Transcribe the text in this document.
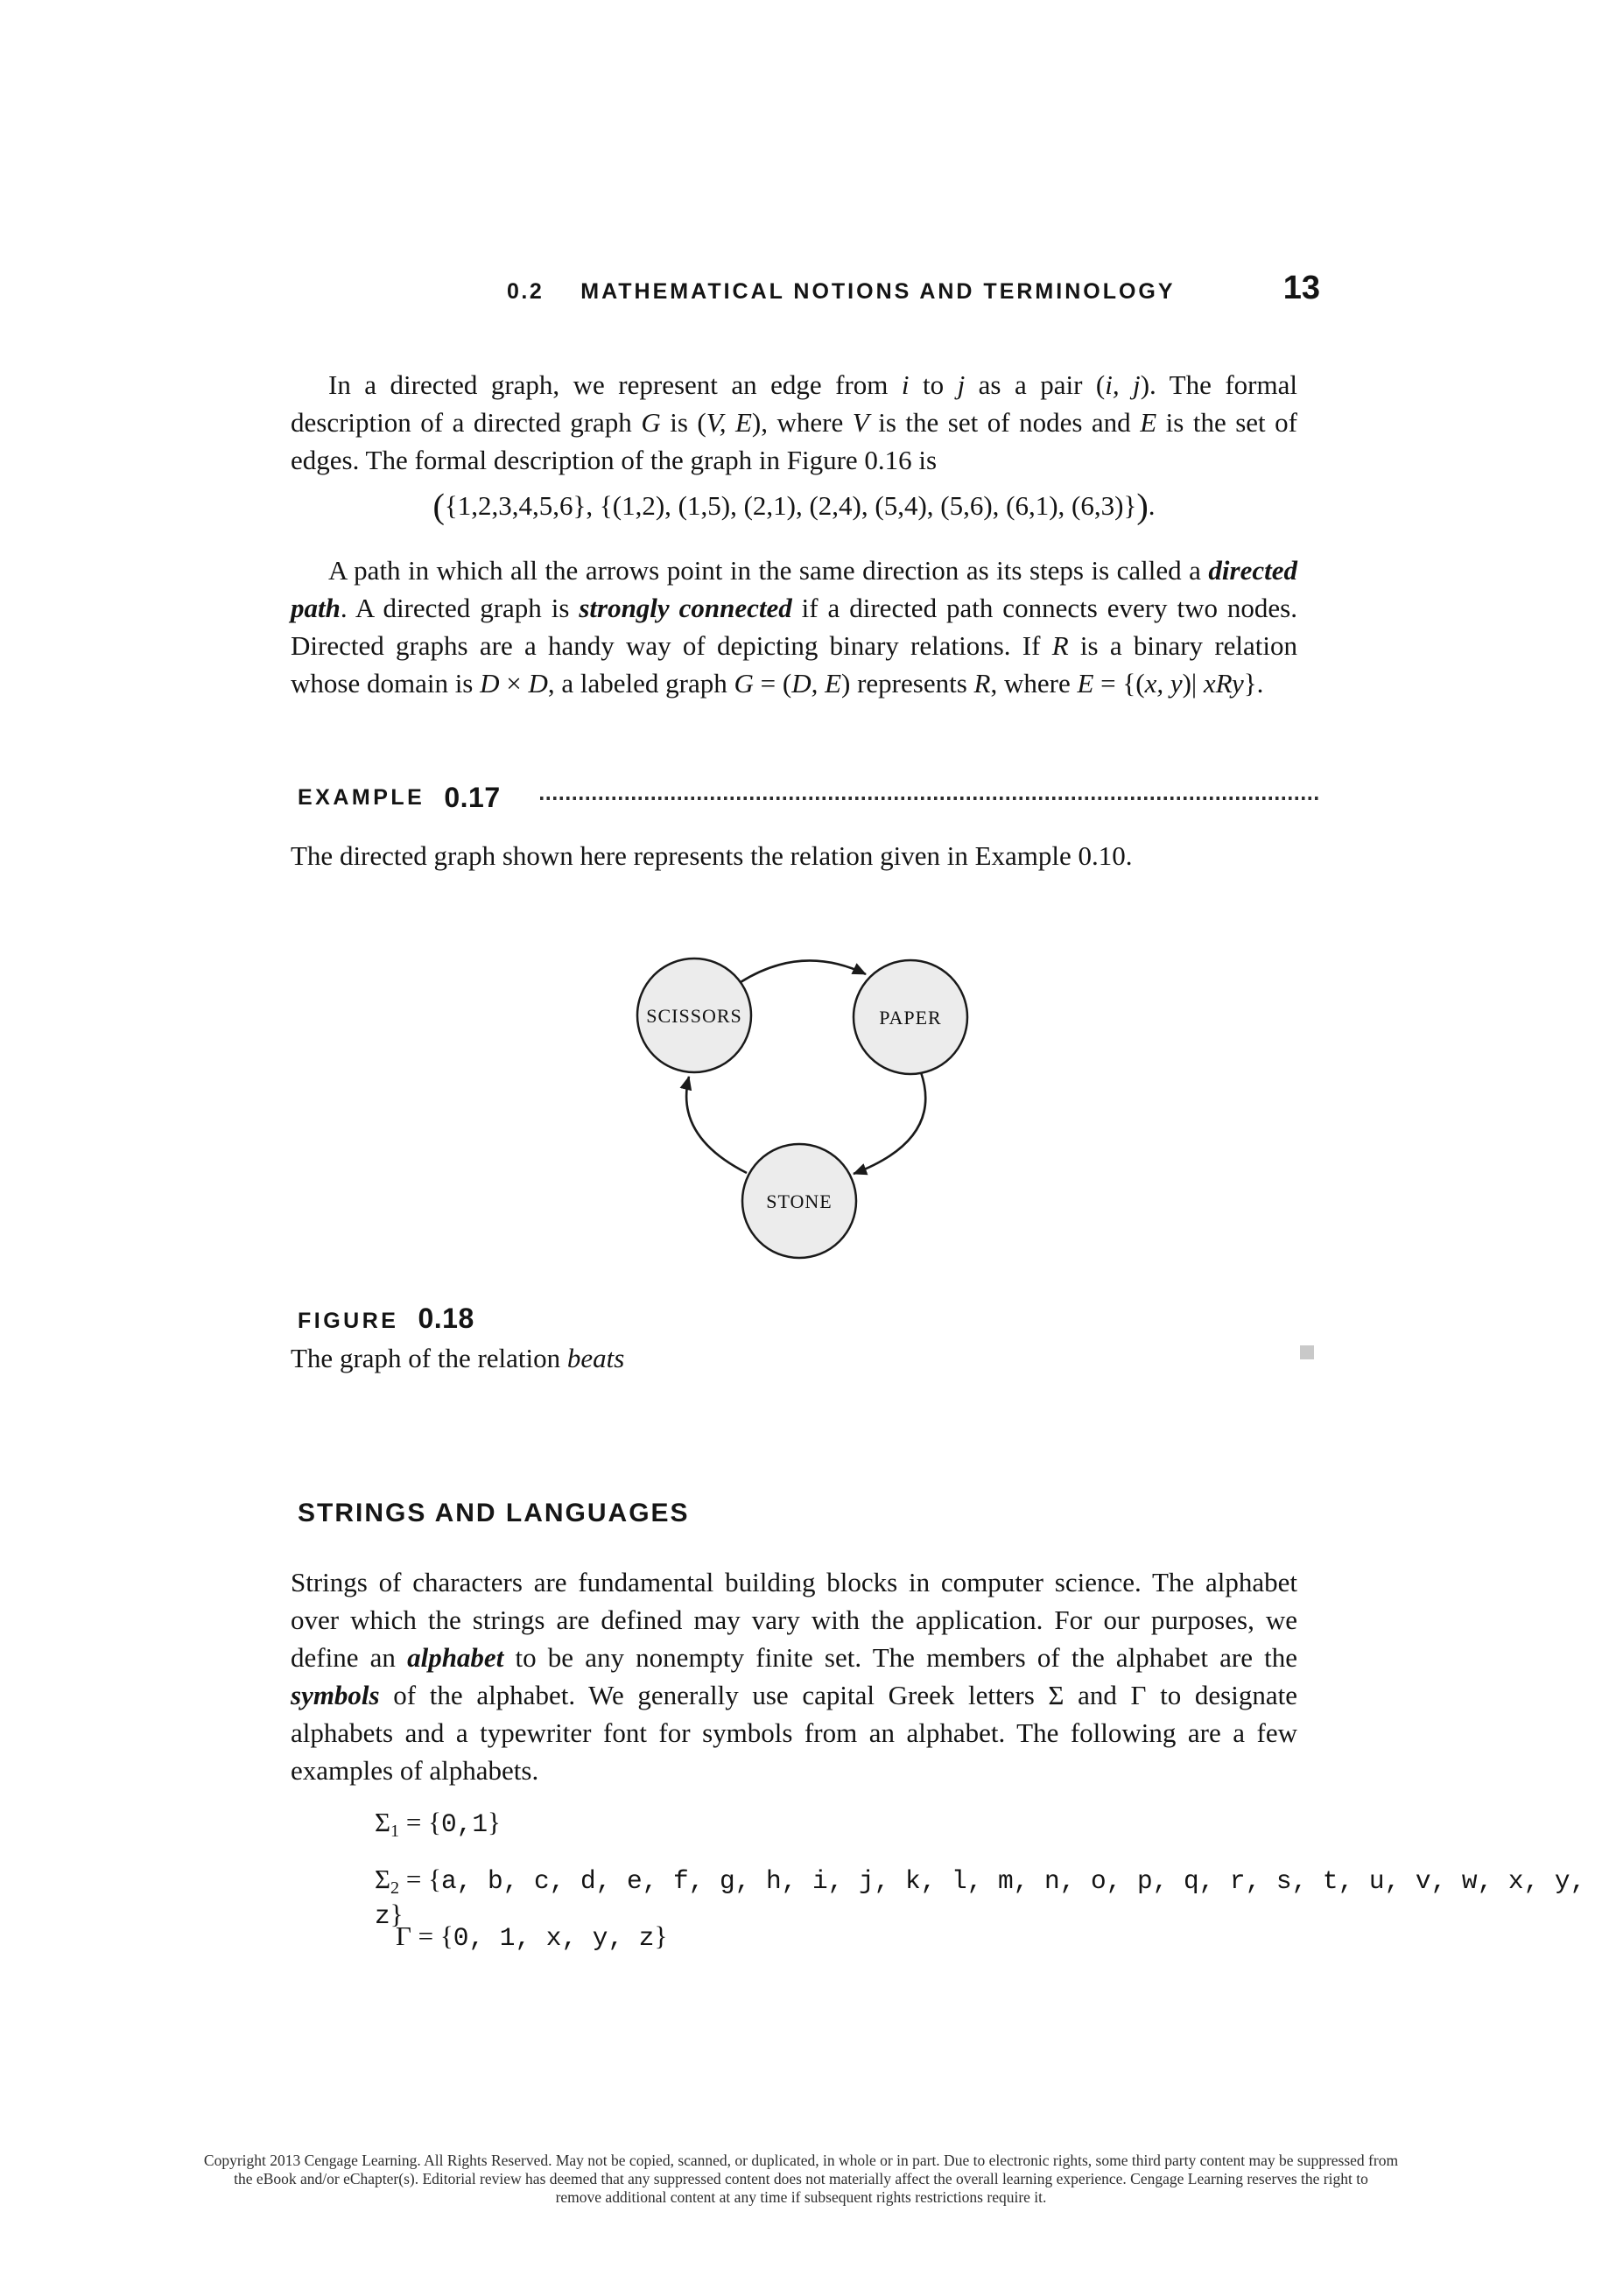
0.2 MATHEMATICAL NOTIONS AND TERMINOLOGY	13

In a directed graph, we represent an edge from i to j as a pair (i, j). The formal description of a directed graph G is (V, E), where V is the set of nodes and E is the set of edges. The formal description of the graph in Figure 0.16 is

({1,2,3,4,5,6}, {(1,2), (1,5), (2,1), (2,4), (5,4), (5,6), (6,1), (6,3)}).

A path in which all the arrows point in the same direction as its steps is called a directed path. A directed graph is strongly connected if a directed path connects every two nodes. Directed graphs are a handy way of depicting binary relations. If R is a binary relation whose domain is D × D, a labeled graph G = (D, E) represents R, where E = {(x, y)| xRy}.

EXAMPLE 0.17

The directed graph shown here represents the relation given in Example 0.10.

SCISSORS	PAPER
STONE
FIGURE 0.18

The graph of the relation beats

STRINGS AND LANGUAGES

Strings of characters are fundamental building blocks in computer science. The alphabet over which the strings are defined may vary with the application. For our purposes, we define an alphabet to be any nonempty finite set. The members of the alphabet are the symbols of the alphabet. We generally use capital Greek letters Σ and Γ to designate alphabets and a typewriter font for symbols from an alphabet. The following are a few examples of alphabets.

Σ1 = {0,1}

Σ2 = {a, b, c, d, e, f, g, h, i, j, k, l, m, n, o, p, q, r, s, t, u, v, w, x, y, z}

Γ = {0, 1, x, y, z}

Copyright 2013 Cengage Learning. All Rights Reserved. May not be copied, scanned, or duplicated, in whole or in part. Due to electronic rights, some third party content may be suppressed from
the eBook and/or eChapter(s). Editorial review has deemed that any suppressed content does not materially affect the overall learning experience. Cengage Learning reserves the right to
remove additional content at any time if subsequent rights restrictions require it.
